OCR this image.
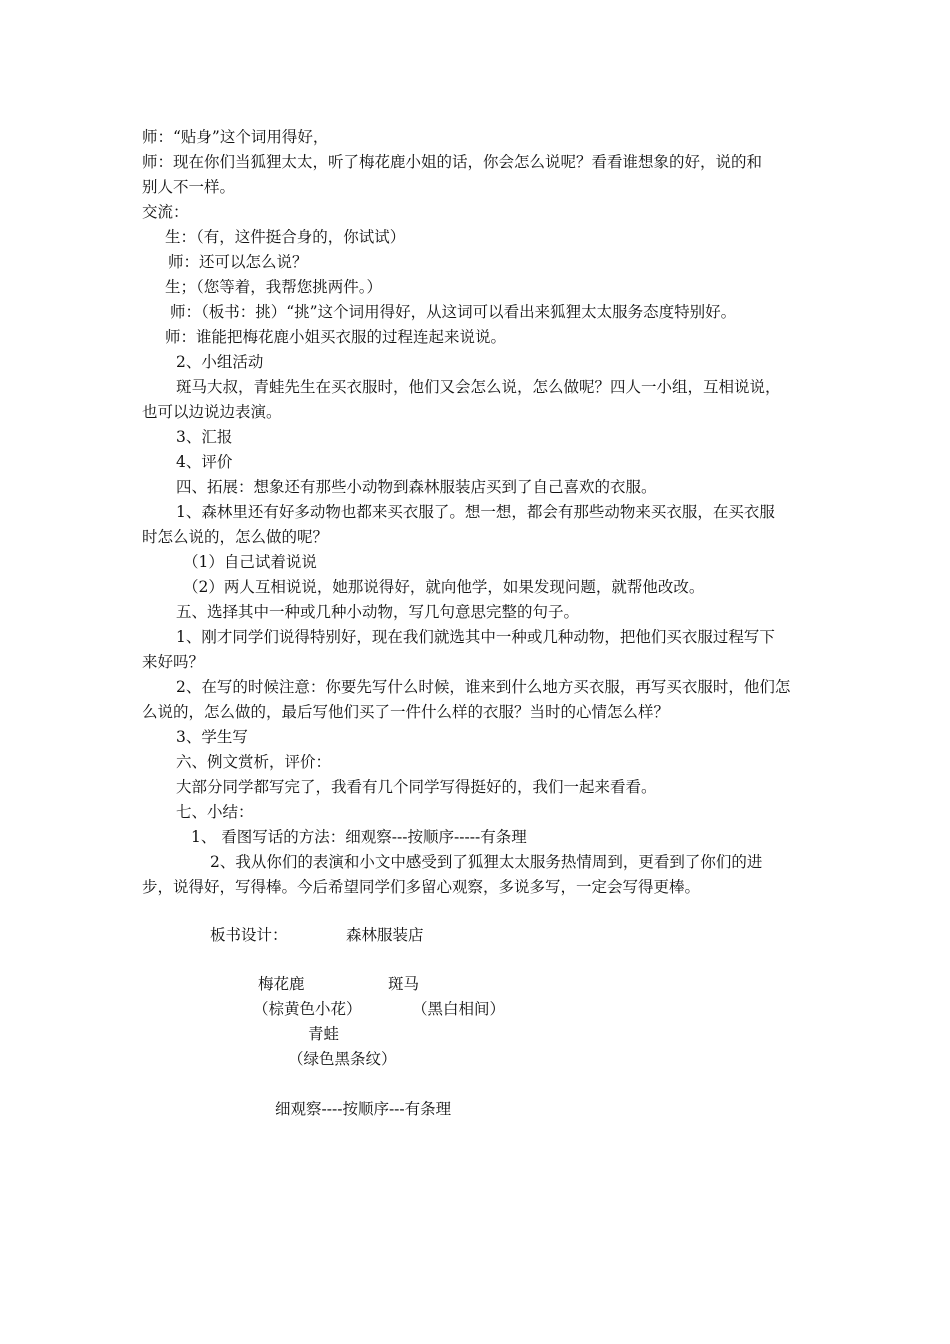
师：“贴身”这个词用得好，
师：现在你们当狐狸太太，听了梅花鹿小姐的话，你会怎么说呢？看看谁想象的好，说的和
别人不一样。
交流：
生：（有，这件挺合身的，你试试）
师：还可以怎么说？
生；（您等着，我帮您挑两件。）
师：（板书：挑）“挑”这个词用得好，从这词可以看出来狐狸太太服务态度特别好。
师：谁能把梅花鹿小姐买衣服的过程连起来说说。
2、小组活动
斑马大叔，青蛙先生在买衣服时，他们又会怎么说，怎么做呢？四人一小组，互相说说，
也可以边说边表演。
3、汇报
4、评价
四、拓展：想象还有那些小动物到森林服装店买到了自己喜欢的衣服。
1、森林里还有好多动物也都来买衣服了。想一想，都会有那些动物来买衣服，在买衣服
时怎么说的，怎么做的呢？
（1）自己试着说说
（2）两人互相说说，她那说得好，就向他学，如果发现问题，就帮他改改。
五、选择其中一种或几种小动物，写几句意思完整的句子。
1、刚才同学们说得特别好，现在我们就选其中一种或几种动物，把他们买衣服过程写下
来好吗？
2、在写的时候注意：你要先写什么时候，谁来到什么地方买衣服，再写买衣服时，他们怎
么说的，怎么做的，最后写他们买了一件什么样的衣服？当时的心情怎么样？
3、学生写
六、例文赏析，评价：
大部分同学都写完了，我看有几个同学写得挺好的，我们一起来看看。
七、小结：
1、 看图写话的方法：细观察---按顺序-----有条理
2、我从你们的表演和小文中感受到了狐狸太太服务热情周到，更看到了你们的进
步，说得好，写得棒。今后希望同学们多留心观察，多说多写，一定会写得更棒。
板书设计：	森林服装店
梅花鹿	斑马
（棕黄色小花）	（黑白相间）
青蛙
（绿色黑条纹）
细观察----按顺序---有条理
